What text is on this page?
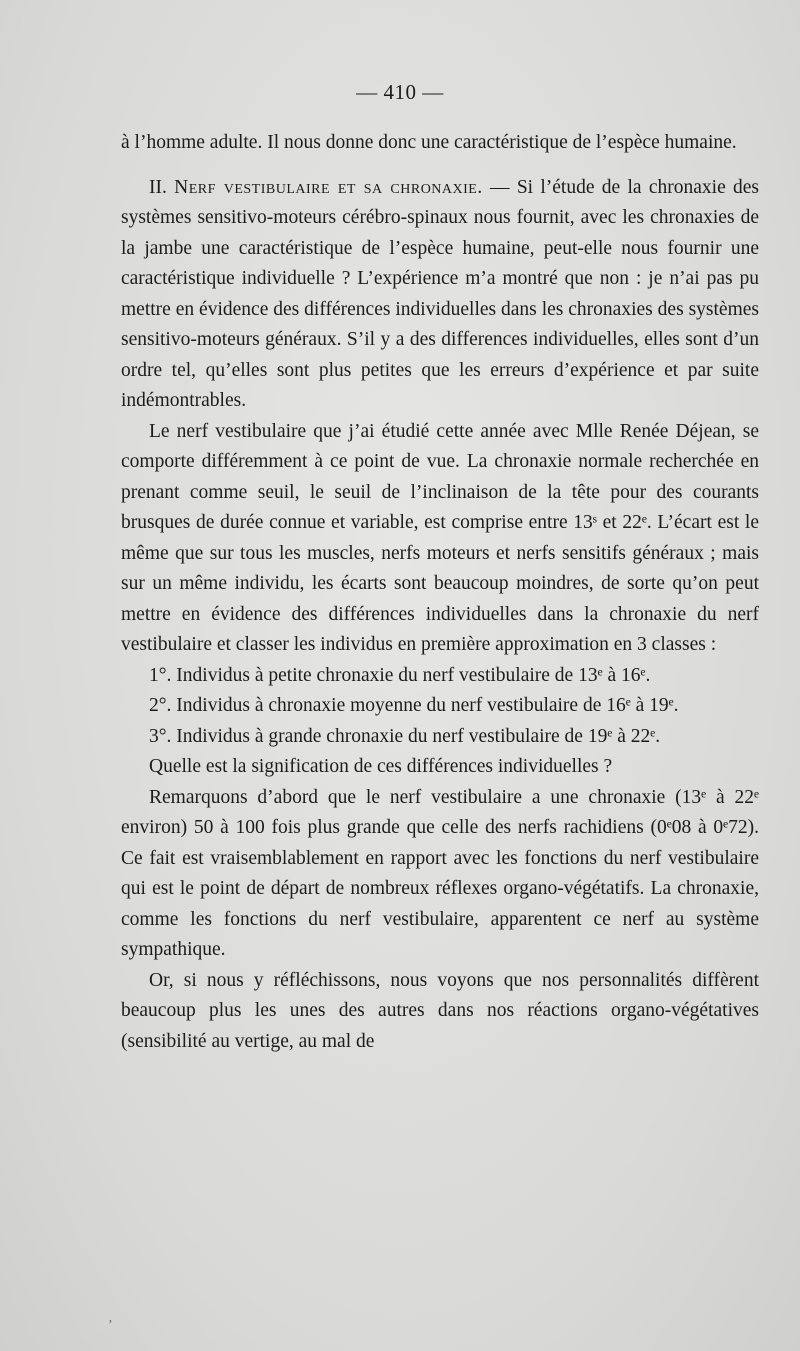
— 410 —

à l’homme adulte. Il nous donne donc une caractéristique de l’espèce humaine.

II. Nerf vestibulaire et sa chronaxie. — Si l’étude de la chronaxie des systèmes sensitivo-moteurs cérébro-spinaux nous fournit, avec les chronaxies de la jambe une caractéristique de l’espèce humaine, peut-elle nous fournir une caractéristique individuelle ? L’expérience m’a montré que non : je n’ai pas pu mettre en évidence des différences individuelles dans les chronaxies des systèmes sensitivo-moteurs généraux. S’il y a des differences individuelles, elles sont d’un ordre tel, qu’elles sont plus petites que les erreurs d’expérience et par suite indémontrables.

Le nerf vestibulaire que j’ai étudié cette année avec Mlle Renée Déjean, se comporte différemment à ce point de vue. La chronaxie normale recherchée en prenant comme seuil, le seuil de l’inclinaison de la tête pour des courants brusques de durée connue et variable, est comprise entre 13ˢ et 22ᵉ. L’écart est le même que sur tous les muscles, nerfs moteurs et nerfs sensitifs généraux ; mais sur un même individu, les écarts sont beaucoup moindres, de sorte qu’on peut mettre en évidence des différences individuelles dans la chronaxie du nerf vestibulaire et classer les individus en première approximation en 3 classes :

1°. Individus à petite chronaxie du nerf vestibulaire de 13ᵉ à 16ᵉ.

2°. Individus à chronaxie moyenne du nerf vestibulaire de 16ᵉ à 19ᵉ.

3°. Individus à grande chronaxie du nerf vestibulaire de 19ᵉ à 22ᵉ.

Quelle est la signification de ces différences individuelles ?

Remarquons d’abord que le nerf vestibulaire a une chronaxie (13ᵉ à 22ᵉ environ) 50 à 100 fois plus grande que celle des nerfs rachidiens (0ᵉ08 à 0ᵉ72). Ce fait est vraisemblablement en rapport avec les fonctions du nerf vestibulaire qui est le point de départ de nombreux réflexes organo-végétatifs. La chronaxie, comme les fonctions du nerf vestibulaire, apparentent ce nerf au système sympathique.

Or, si nous y réfléchissons, nous voyons que nos personnalités diffèrent beaucoup plus les unes des autres dans nos réactions organo-végétatives (sensibilité au vertige, au mal de

ʼ
